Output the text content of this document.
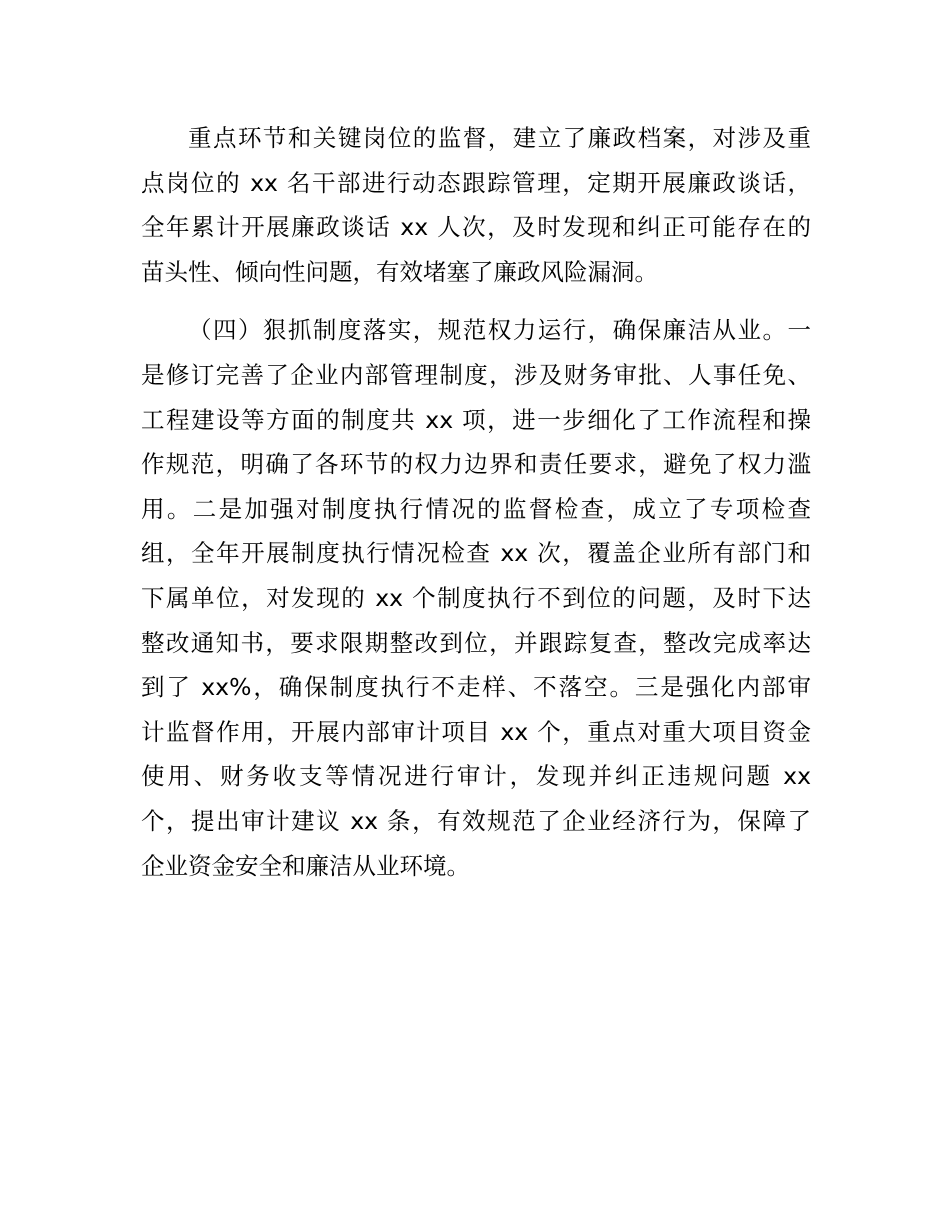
重点环节和关键岗位的监督，建立了廉政档案，对涉及重
点岗位的 xx 名干部进行动态跟踪管理，定期开展廉政谈话，
全年累计开展廉政谈话 xx 人次，及时发现和纠正可能存在的
苗头性、倾向性问题，有效堵塞了廉政风险漏洞。
（四）狠抓制度落实，规范权力运行，确保廉洁从业。一
是修订完善了企业内部管理制度，涉及财务审批、人事任免、
工程建设等方面的制度共 xx 项，进一步细化了工作流程和操
作规范，明确了各环节的权力边界和责任要求，避免了权力滥
用。二是加强对制度执行情况的监督检查，成立了专项检查
组，全年开展制度执行情况检查 xx 次，覆盖企业所有部门和
下属单位，对发现的 xx 个制度执行不到位的问题，及时下达
整改通知书，要求限期整改到位，并跟踪复查，整改完成率达
到了 xx%，确保制度执行不走样、不落空。三是强化内部审
计监督作用，开展内部审计项目 xx 个，重点对重大项目资金
使用、财务收支等情况进行审计，发现并纠正违规问题 xx
个，提出审计建议 xx 条，有效规范了企业经济行为，保障了
企业资金安全和廉洁从业环境。
